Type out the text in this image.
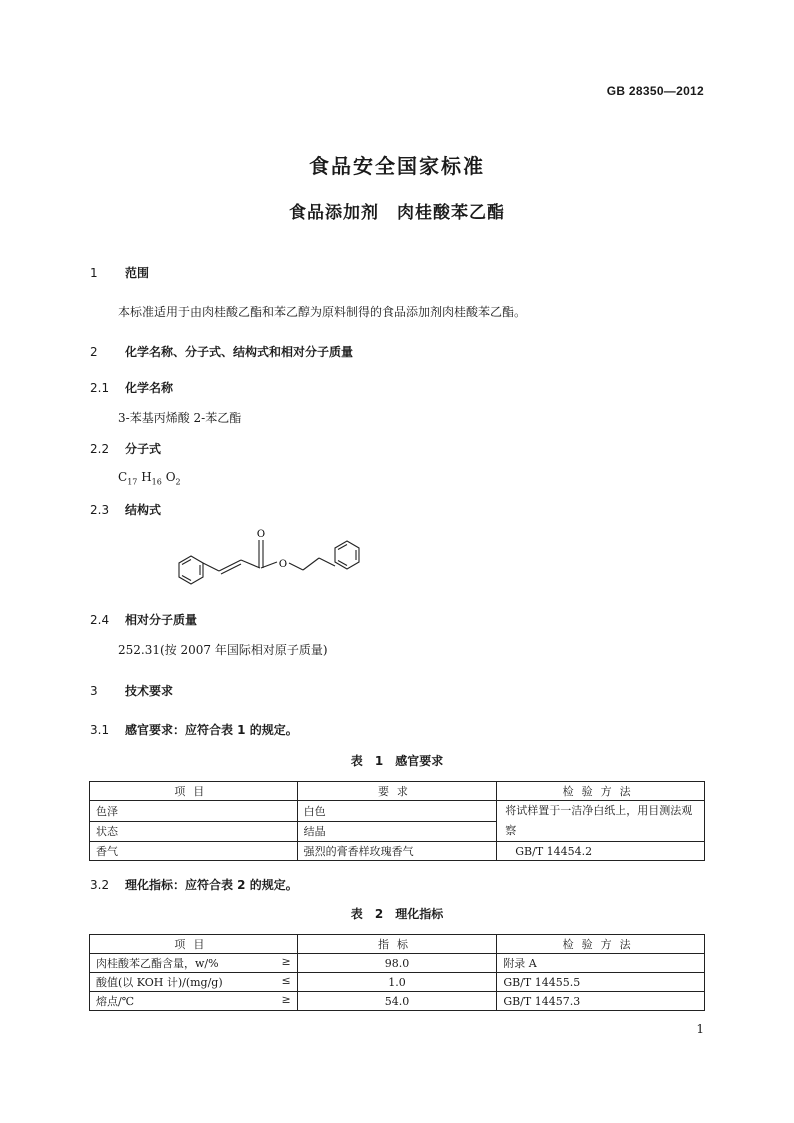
GB 28350—2012
食品安全国家标准
食品添加剂　肉桂酸苯乙酯
1 范围
本标准适用于由肉桂酸乙酯和苯乙醇为原料制得的食品添加剂肉桂酸苯乙酯。
2 化学名称、分子式、结构式和相对分子质量
2.1 化学名称
3-苯基丙烯酸 2-苯乙酯
2.2 分子式
$C_{17}$ $H_{16}$ $O_2$
2.3 结构式
O
O
2.4 相对分子质量
252.31(按 2007 年国际相对原子质量)
3 技术要求
3.1 感官要求：应符合表 1 的规定。
表 1　感官要求
项目	要求	检验方法
色泽	白色	将试样置于一洁净白纸上，用目测法观察
状态	结晶	
香气	强烈的膏香样玫瑰香气	GB/T 14454.2
3.2 理化指标：应符合表 2 的规定。
表 2　理化指标
项目	指标	检验方法
肉桂酸苯乙酯含量，w/% ≥	98.0	附录 A
酸值(以 KOH 计)/(mg/g) ≤	1.0	GB/T 14455.5
熔点/℃ ≥	54.0	GB/T 14457.3
1
